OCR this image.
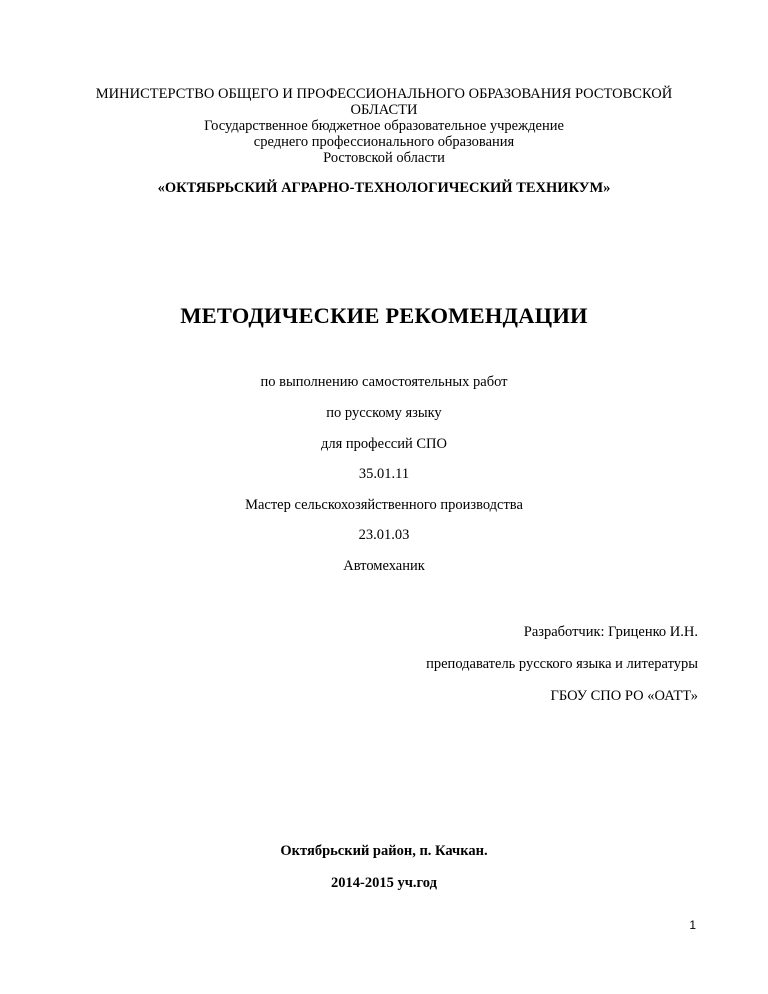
МИНИСТЕРСТВО ОБЩЕГО И ПРОФЕССИОНАЛЬНОГО ОБРАЗОВАНИЯ РОСТОВСКОЙ
ОБЛАСТИ
Государственное бюджетное образовательное учреждение
среднего профессионального образования
Ростовской области
«ОКТЯБРЬСКИЙ АГРАРНО-ТЕХНОЛОГИЧЕСКИЙ ТЕХНИКУМ»
МЕТОДИЧЕСКИЕ РЕКОМЕНДАЦИИ
по выполнению самостоятельных работ
по русскому языку
для профессий СПО
35.01.11
Мастер сельскохозяйственного производства
23.01.03
Автомеханик
Разработчик: Гриценко И.Н.
преподаватель русского языка и литературы
ГБОУ СПО РО «ОАТТ»
Октябрьский район, п. Качкан.
2014-2015 уч.год
1
